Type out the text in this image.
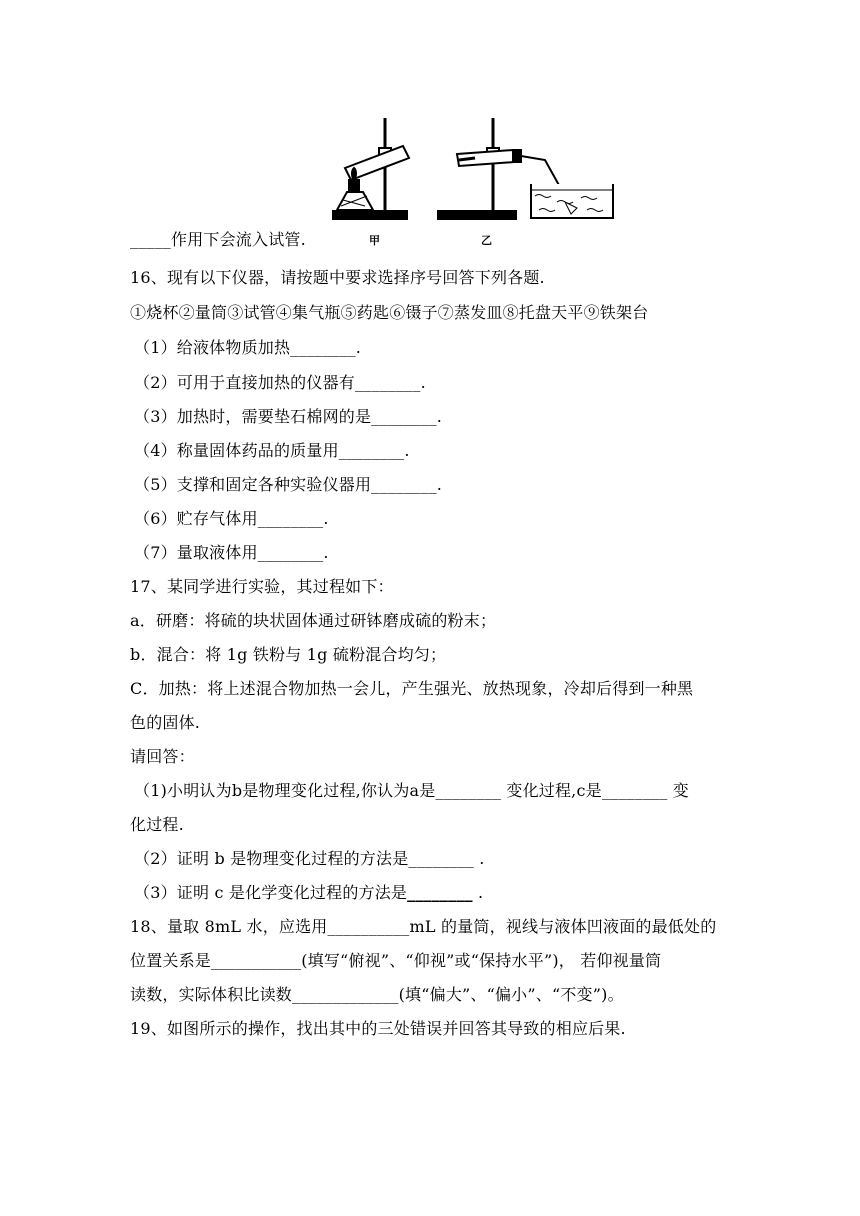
甲	乙
_____作用下会流入试管.
16、现有以下仪器，请按题中要求选择序号回答下列各题.
①烧杯②量筒③试管④集气瓶⑤药匙⑥镊子⑦蒸发皿⑧托盘天平⑨铁架台
（1）给液体物质加热________.
（2）可用于直接加热的仪器有________.
（3）加热时，需要垫石棉网的是________.
（4）称量固体药品的质量用________.
（5）支撑和固定各种实验仪器用________.
（6）贮存气体用________.
（7）量取液体用________.
17、某同学进行实验，其过程如下：
a．研磨：将硫的块状固体通过研钵磨成硫的粉末；
b．混合：将 1g 铁粉与 1g 硫粉混合均匀；
C．加热：将上述混合物加热一会儿，产生强光、放热现象，冷却后得到一种黑
色的固体.
请回答：
（1)小明认为b是物理变化过程,你认为a是________ 变化过程,c是________ 变
化过程.
（2）证明 b 是物理变化过程的方法是________ .
（3）证明 c 是化学变化过程的方法是________ .
18、量取 8mL 水，应选用__________mL 的量筒，视线与液体凹液面的最低处的
位置关系是___________(填写“俯视”、“仰视”或“保持水平”)， 若仰视量筒
读数，实际体积比读数_____________(填“偏大”、“偏小”、“不变”)。
19、如图所示的操作，找出其中的三处错误并回答其导致的相应后果.
